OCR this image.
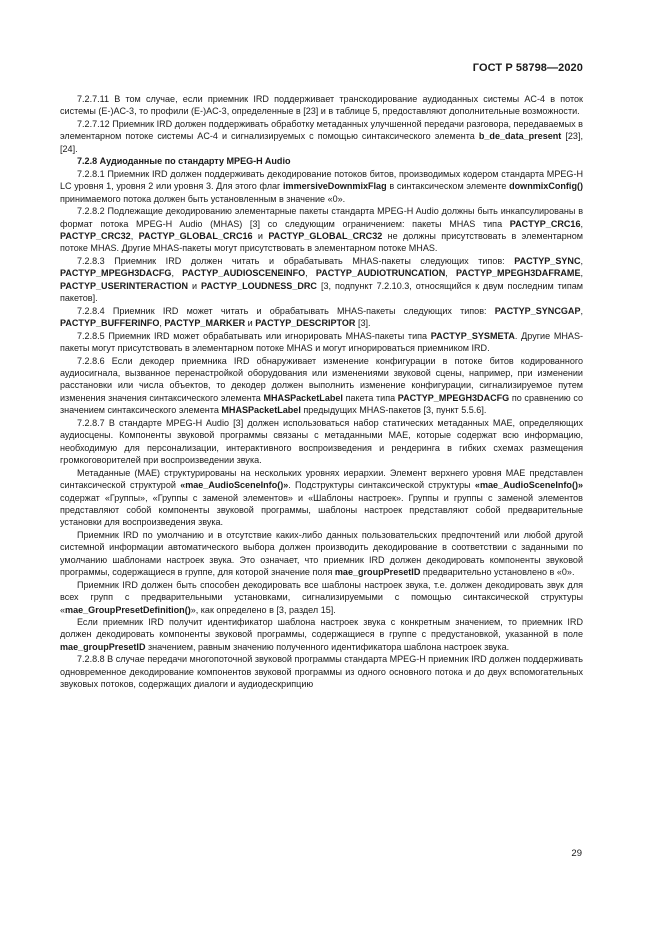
ГОСТ Р 58798—2020

7.2.7.11 В том случае, если приемник IRD поддерживает транскодирование аудиоданных системы AC-4 в поток системы (E-)AC-3, то профили (E-)AC-3, определенные в [23] и в таблице 5, предоставляют дополнительные возможности.

7.2.7.12 Приемник IRD должен поддерживать обработку метаданных улучшенной передачи разговора, передаваемых в элементарном потоке системы AC-4 и сигнализируемых с помощью синтаксического элемента b_de_data_present [23], [24].

7.2.8 Аудиоданные по стандарту MPEG-H Audio

7.2.8.1 Приемник IRD должен поддерживать декодирование потоков битов, производимых кодером стандарта MPEG-H LC уровня 1, уровня 2 или уровня 3. Для этого флаг immersiveDownmixFlag в синтаксическом элементе downmixConfig() принимаемого потока должен быть установленным в значение «0».

7.2.8.2 Подлежащие декодированию элементарные пакеты стандарта MPEG-H Audio должны быть инкапсулированы в формат потока MPEG-H Audio (MHAS) [3] со следующим ограничением: пакеты MHAS типа PACTYP_CRC16, PACTYP_CRC32, PACTYP_GLOBAL_CRC16 и PACTYP_GLOBAL_CRC32 не должны присутствовать в элементарном потоке MHAS. Другие MHAS-пакеты могут присутствовать в элементарном потоке MHAS.

7.2.8.3 Приемник IRD должен читать и обрабатывать MHAS-пакеты следующих типов: PACTYP_SYNC, PACTYP_MPEGH3DACFG, PACTYP_AUDIOSCENEINFO, PACTYP_AUDIOTRUNCATION, PACTYP_MPEGH3DAFRAME, PACTYP_USERINTERACTION и PACTYP_LOUDNESS_DRC [3, подпункт 7.2.10.3, относящийся к двум последним типам пакетов].

7.2.8.4 Приемник IRD может читать и обрабатывать MHAS-пакеты следующих типов: PACTYP_SYNCGAP, PACTYP_BUFFERINFO, PACTYP_MARKER и PACTYP_DESCRIPTOR [3].

7.2.8.5 Приемник IRD может обрабатывать или игнорировать MHAS-пакеты типа PACTYP_SYSMETA. Другие MHAS-пакеты могут присутствовать в элементарном потоке MHAS и могут игнорироваться приемником IRD.

7.2.8.6 Если декодер приемника IRD обнаруживает изменение конфигурации в потоке битов кодированного аудиосигнала, вызванное перенастройкой оборудования или изменениями звуковой сцены, например, при изменении расстановки или числа объектов, то декодер должен выполнить изменение конфигурации, сигнализируемое путем изменения значения синтаксического элемента MHASPacketLabel пакета типа PACTYP_MPEGH3DACFG по сравнению со значением синтаксического элемента MHASPacketLabel предыдущих MHAS-пакетов [3, пункт 5.5.6].

7.2.8.7 В стандарте MPEG-H Audio [3] должен использоваться набор статических метаданных MAE, определяющих аудиосцены. Компоненты звуковой программы связаны с метаданными MAE, которые содержат всю информацию, необходимую для персонализации, интерактивного воспроизведения и рендеринга в гибких схемах размещения громкоговорителей при воспроизведении звука.

Метаданные (MAE) структурированы на нескольких уровнях иерархии. Элемент верхнего уровня MAE представлен синтаксической структурой «mae_AudioSceneInfo()». Подструктуры синтаксической структуры «mae_AudioSceneInfo()» содержат «Группы», «Группы с заменой элементов» и «Шаблоны настроек». Группы и группы с заменой элементов представляют собой компоненты звуковой программы, шаблоны настроек представляют собой предварительные установки для воспроизведения звука.

Приемник IRD по умолчанию и в отсутствие каких-либо данных пользовательских предпочтений или любой другой системной информации автоматического выбора должен производить декодирование в соответствии с заданными по умолчанию шаблонами настроек звука. Это означает, что приемник IRD должен декодировать компоненты звуковой программы, содержащиеся в группе, для которой значение поля mae_groupPresetID предварительно установлено в «0».

Приемник IRD должен быть способен декодировать все шаблоны настроек звука, т.е. должен декодировать звук для всех групп с предварительными установками, сигнализируемыми с помощью синтаксической структуры «mae_GroupPresetDefinition()», как определено в [3, раздел 15].

Если приемник IRD получит идентификатор шаблона настроек звука с конкретным значением, то приемник IRD должен декодировать компоненты звуковой программы, содержащиеся в группе с предустановкой, указанной в поле mae_groupPresetID значением, равным значению полученного идентификатора шаблона настроек звука.

7.2.8.8 В случае передачи многопоточной звуковой программы стандарта MPEG-H приемник IRD должен поддерживать одновременное декодирование компонентов звуковой программы из одного основного потока и до двух вспомогательных звуковых потоков, содержащих диалоги и аудиодескрипцию

29
